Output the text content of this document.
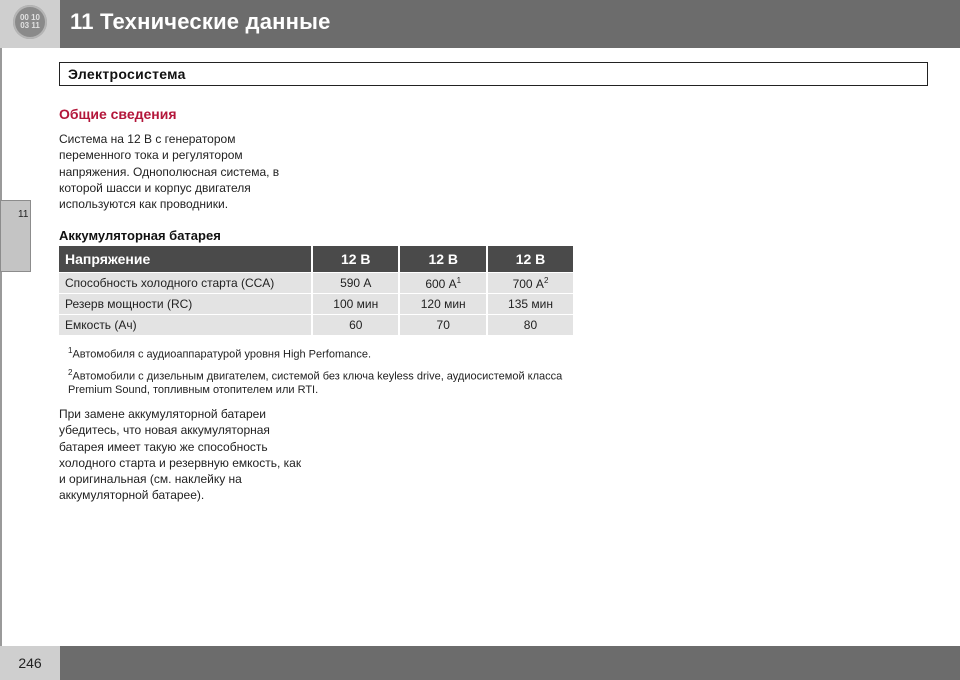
00 10
03 11 11 Технические данные
11
Электросистема
Общие сведения
Система на 12 В с генератором переменного тока и регулятором напряжения. Однополюсная система, в которой шасси и корпус двигателя используются как проводники.
Аккумуляторная батарея
Напряжение	12 В	12 В	12 В
Способность холодного старта (CCA)	590 А	600 $А^1$	700 $А^2$
Резерв мощности (RC)	100 мин	120 мин	135 мин
Емкость (Ач)	60	70	80
$^1$Автомобиля с аудиоаппаратурой уровня High Perfomance.
$^2$Автомобили с дизельным двигателем, системой без ключа keyless drive, аудиосистемой класса Premium Sound, топливным отопителем или RTI.
При замене аккумуляторной батареи убедитесь, что новая аккумуляторная батарея имеет такую же способность холодного старта и резервную емкость, как и оригинальная (см. наклейку на аккумуляторной батарее).
246
